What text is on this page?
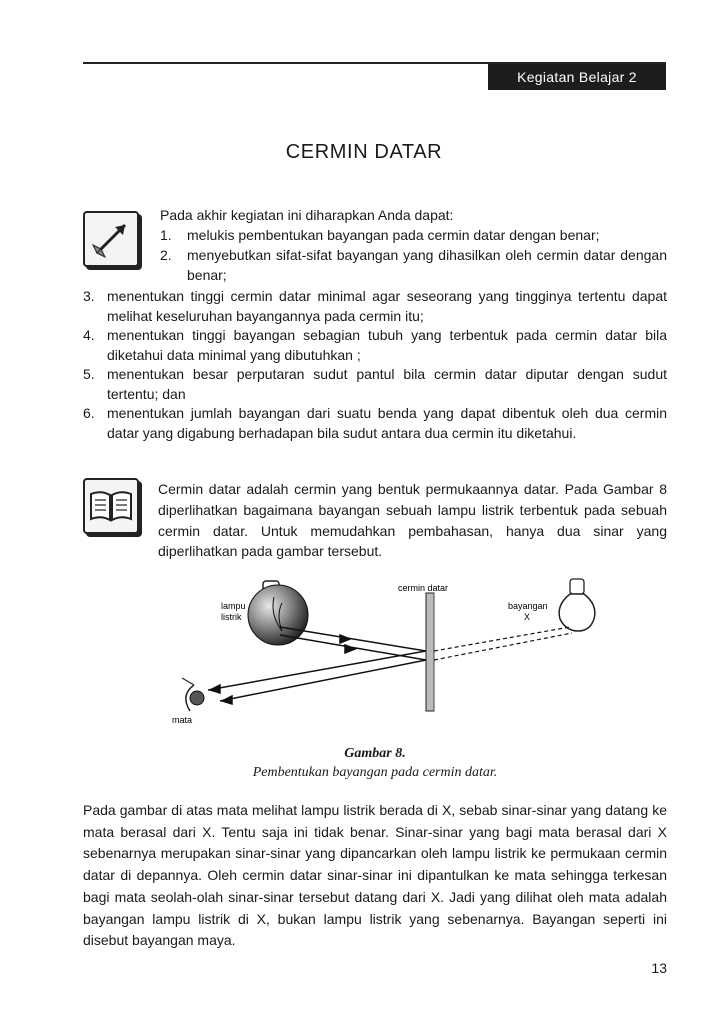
Kegiatan Belajar 2
CERMIN DATAR
Pada akhir kegiatan ini diharapkan Anda dapat:
1.	melukis pembentukan bayangan pada cermin datar dengan benar;
2.	menyebutkan sifat-sifat bayangan yang dihasilkan oleh cermin datar dengan benar;
3. menentukan tinggi cermin datar minimal agar seseorang yang tingginya tertentu dapat melihat keseluruhan bayangannya pada cermin itu;
4. menentukan tinggi bayangan sebagian tubuh yang terbentuk pada cermin datar bila diketahui data minimal yang dibutuhkan ;
5. menentukan besar perputaran sudut pantul bila cermin datar diputar dengan sudut tertentu; dan
6. menentukan jumlah bayangan dari suatu benda yang dapat dibentuk oleh dua cermin datar yang digabung berhadapan bila sudut antara dua cermin itu diketahui.
Cermin datar adalah cermin yang bentuk permukaannya datar. Pada Gambar 8 diperlihatkan bagaimana bayangan sebuah lampu listrik terbentuk pada sebuah cermin datar. Untuk memudahkan pembahasan, hanya dua sinar yang diperlihatkan pada gambar tersebut.
lampu
listrik
cermin datar
bayangan
X
mata
Gambar 8.
Pembentukan bayangan pada cermin datar.
Pada gambar di atas mata melihat lampu listrik berada di X, sebab sinar-sinar yang datang ke mata berasal dari X. Tentu saja ini tidak benar. Sinar-sinar yang bagi mata berasal dari X sebenarnya merupakan sinar-sinar yang dipancarkan oleh lampu listrik ke permukaan cermin datar di depannya. Oleh cermin datar sinar-sinar ini dipantulkan ke mata sehingga terkesan bagi mata seolah-olah sinar-sinar tersebut datang dari X. Jadi yang dilihat oleh mata adalah bayangan lampu listrik di X, bukan lampu listrik yang sebenarnya. Bayangan seperti ini disebut bayangan maya.
13
